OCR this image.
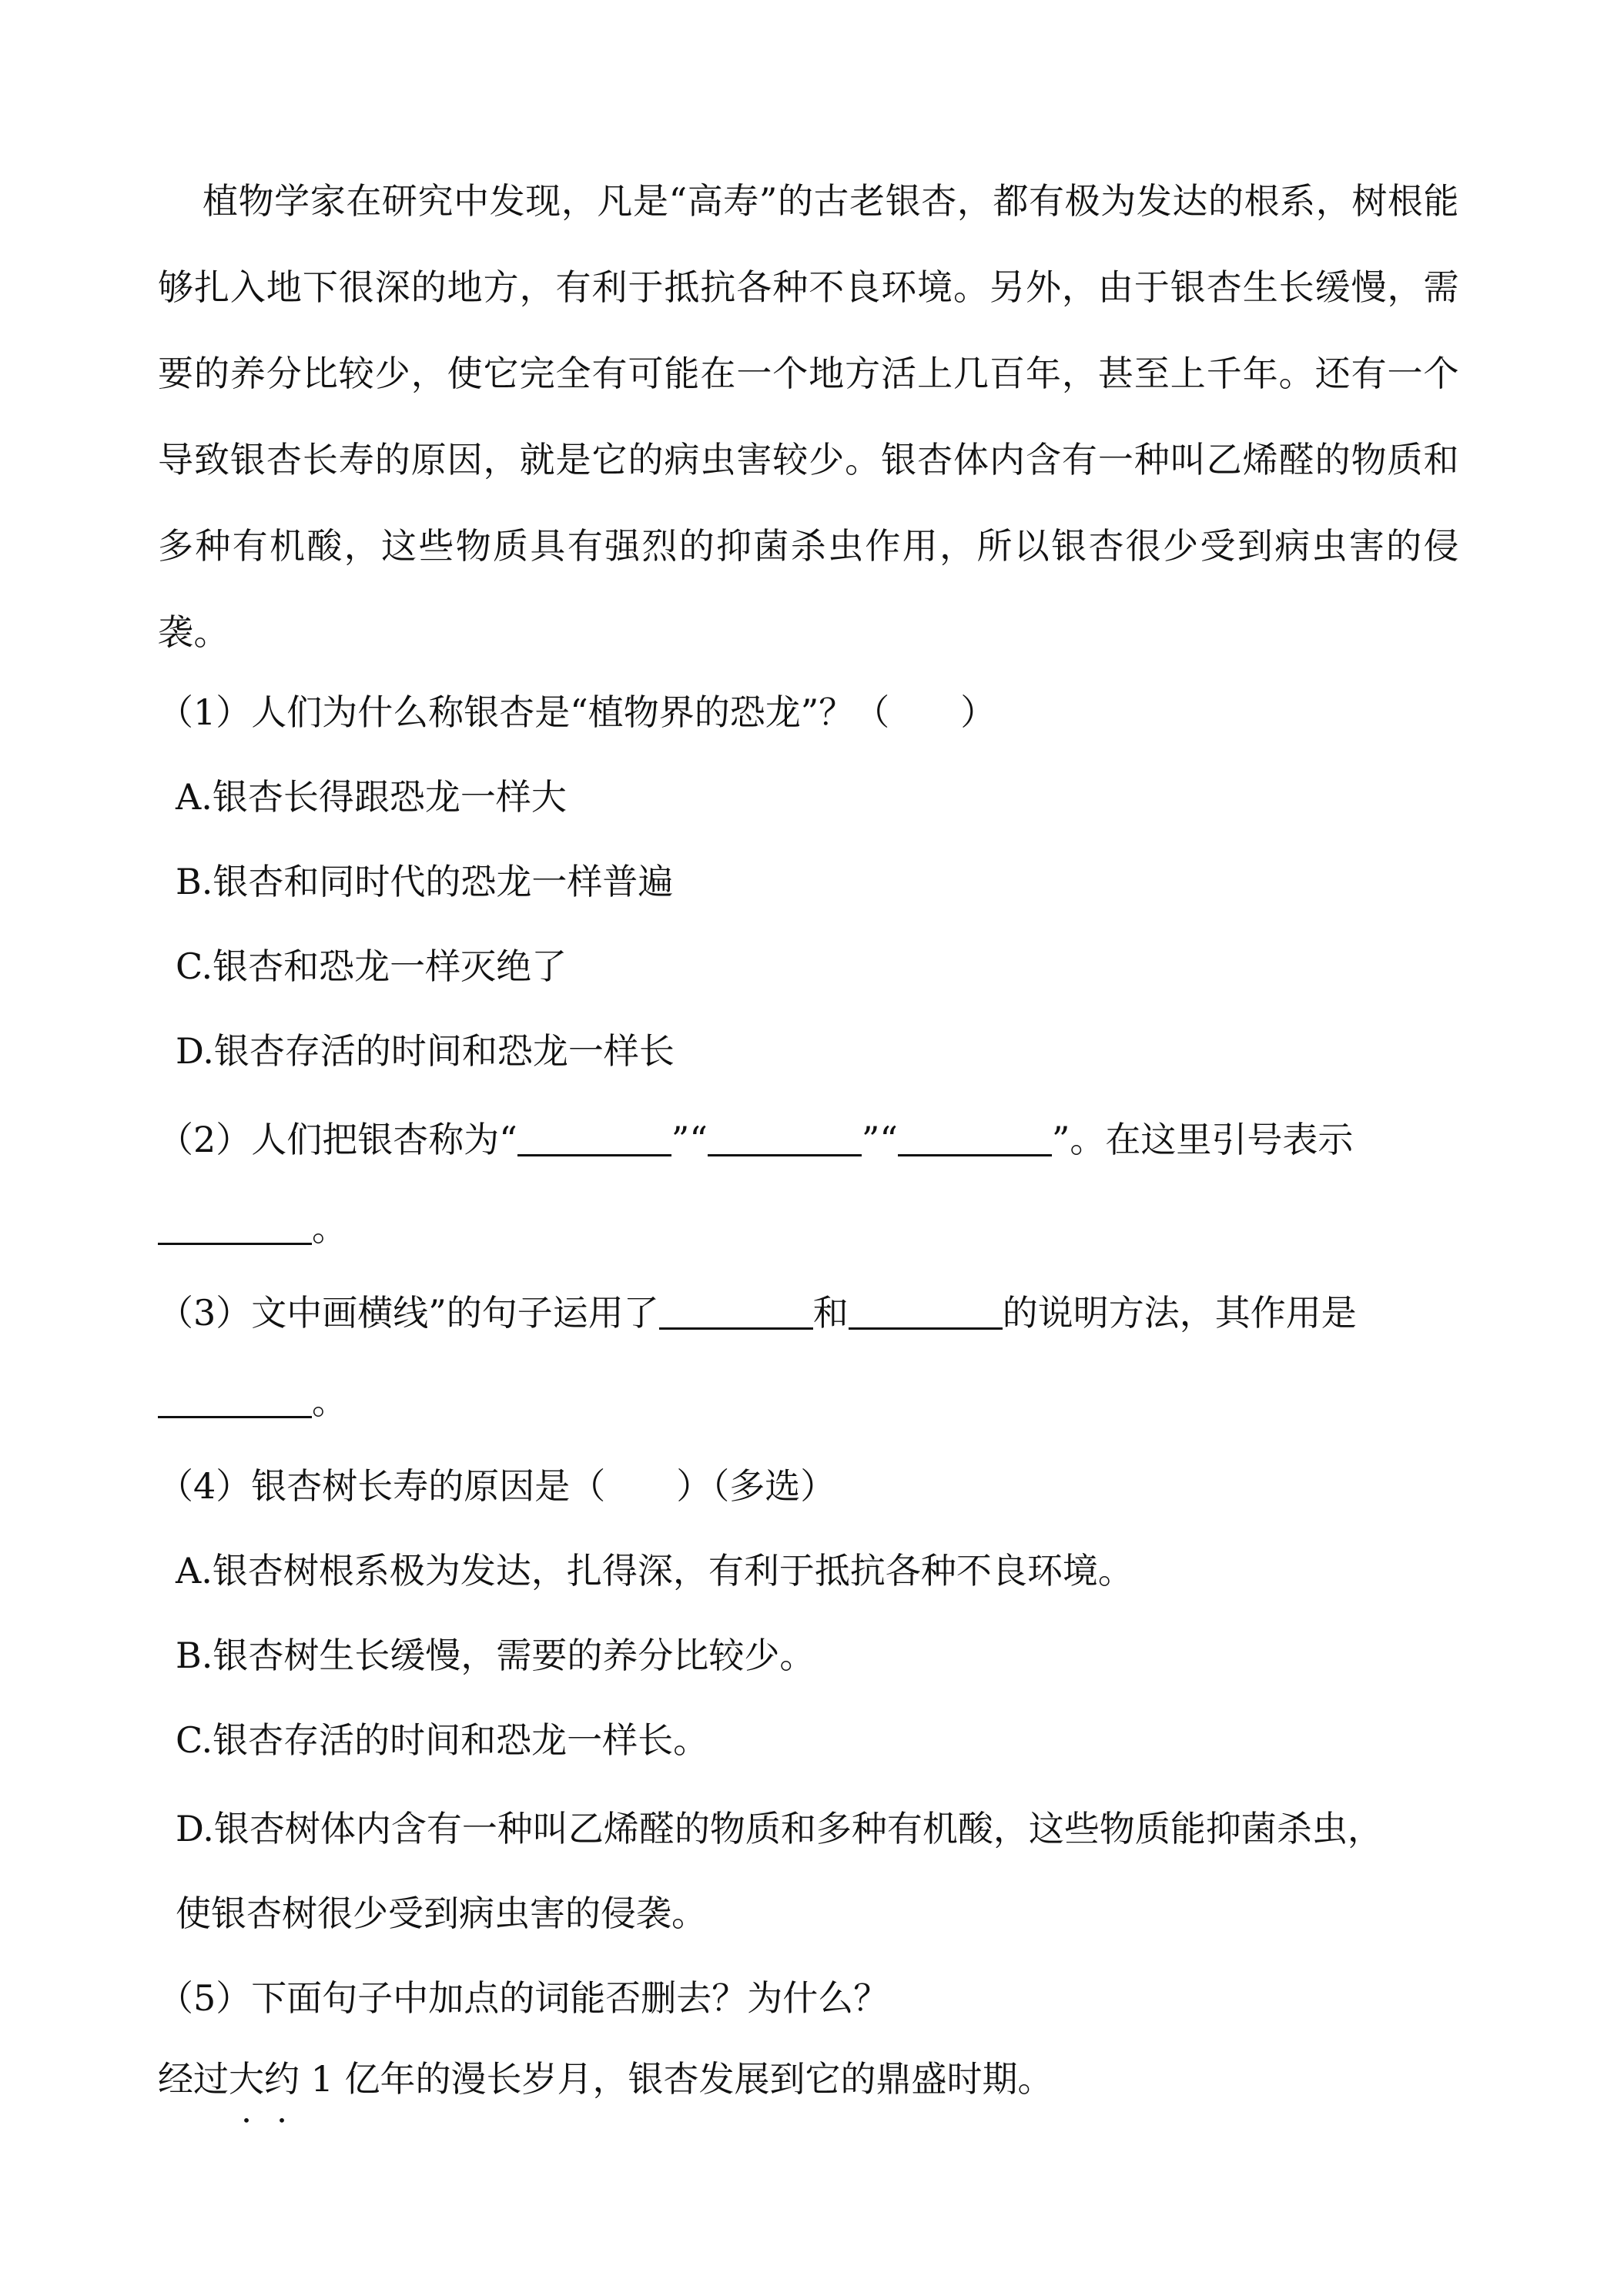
植物学家在研究中发现，凡是“高寿”的古老银杏，都有极为发达的根系，树根能够扎入地下很深的地方，有利于抵抗各种不良环境。另外，由于银杏生长缓慢，需要的养分比较少，使它完全有可能在一个地方活上几百年，甚至上千年。还有一个导致银杏长寿的原因，就是它的病虫害较少。银杏体内含有一种叫乙烯醛的物质和多种有机酸，这些物质具有强烈的抑菌杀虫作用，所以银杏很少受到病虫害的侵袭。
（1）人们为什么称银杏是“植物界的恐龙”？（　　）
A.银杏长得跟恐龙一样大
B.银杏和同时代的恐龙一样普遍
C.银杏和恐龙一样灭绝了
D.银杏存活的时间和恐龙一样长
（2）人们把银杏称为“	”“	”“	”。在这里引号表示
。
（3）文中画横线”的句子运用了	和	的说明方法，其作用是
。
（4）银杏树长寿的原因是（　　）（多选）
A.银杏树根系极为发达，扎得深，有利于抵抗各种不良环境。
B.银杏树生长缓慢，需要的养分比较少。
C.银杏存活的时间和恐龙一样长。
D.银杏树体内含有一种叫乙烯醛的物质和多种有机酸，这些物质能抑菌杀虫，
使银杏树很少受到病虫害的侵袭。
（5）下面句子中加点的词能否删去？为什么？
经过大约
• •
1 亿年的漫长岁月，银杏发展到它的鼎盛时期。
